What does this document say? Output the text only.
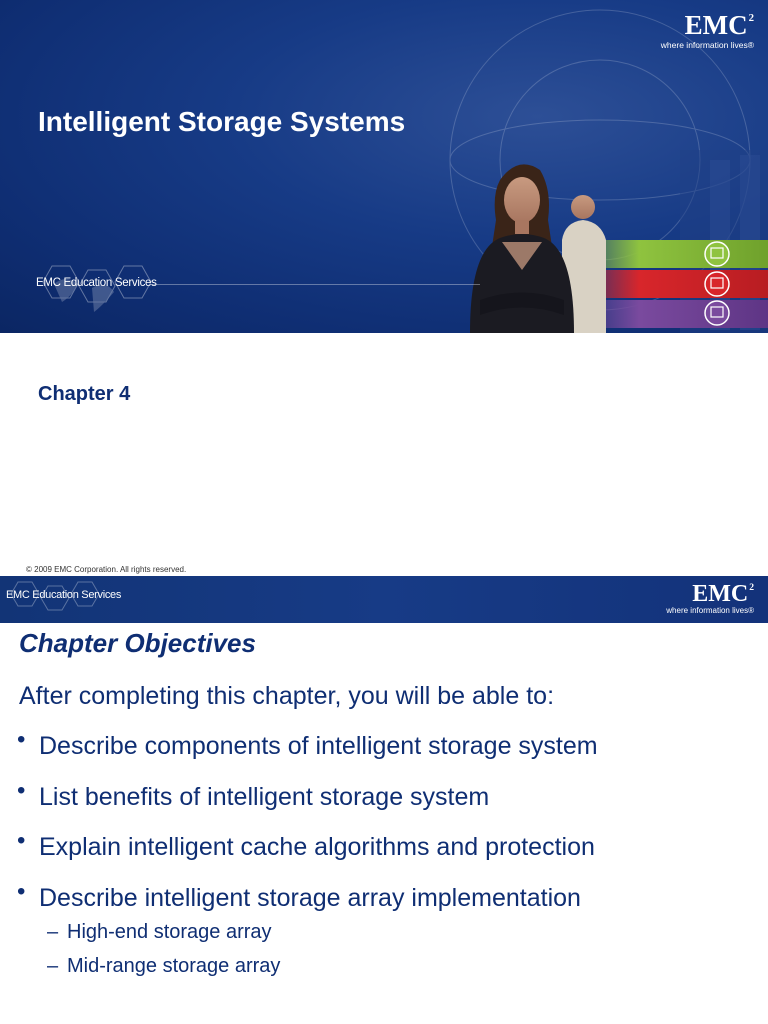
EMC$^2$
where information lives®
Intelligent Storage Systems
EMC Education Services
Chapter 4
© 2009 EMC Corporation. All rights reserved.
EMC Education Services	EMC$^2$
where information lives®
Chapter Objectives

After completing this chapter, you will be able to:

• Describe components of intelligent storage system
• List benefits of intelligent storage system
• Explain intelligent cache algorithms and protection
• Describe intelligent storage array implementation
– High-end storage array
– Mid-range storage array
